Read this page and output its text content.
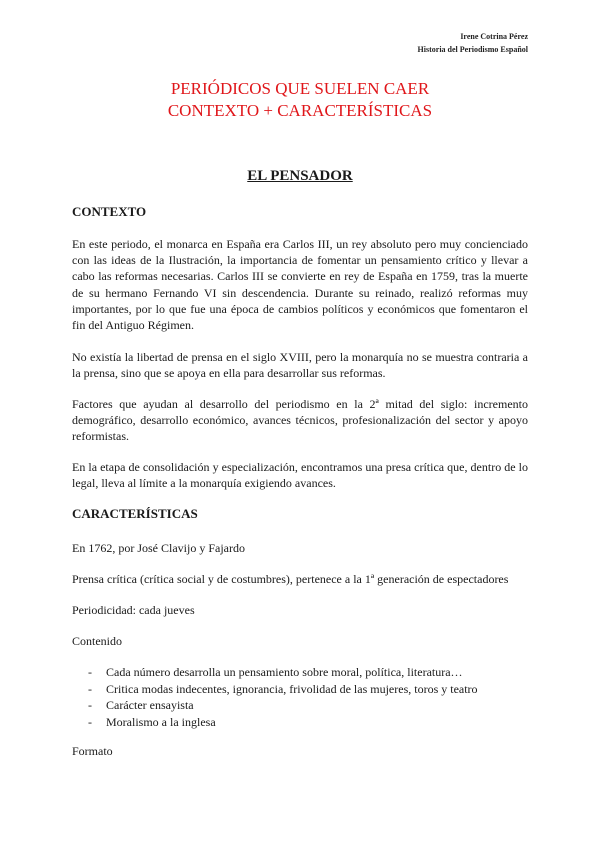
Irene Cotrina Pérez
Historia del Periodismo Español
PERIÓDICOS QUE SUELEN CAER
CONTEXTO + CARACTERÍSTICAS
EL PENSADOR
CONTEXTO
En este periodo, el monarca en España era Carlos III, un rey absoluto pero muy concienciado con las ideas de la Ilustración, la importancia de fomentar un pensamiento crítico y llevar a cabo las reformas necesarias. Carlos III se convierte en rey de España en 1759, tras la muerte de su hermano Fernando VI sin descendencia. Durante su reinado, realizó reformas muy importantes, por lo que fue una época de cambios políticos y económicos que fomentaron el fin del Antiguo Régimen.
No existía la libertad de prensa en el siglo XVIII, pero la monarquía no se muestra contraria a la prensa, sino que se apoya en ella para desarrollar sus reformas.
Factores que ayudan al desarrollo del periodismo en la 2ª mitad del siglo: incremento demográfico, desarrollo económico, avances técnicos, profesionalización del sector y apoyo reformistas.
En la etapa de consolidación y especialización, encontramos una presa crítica que, dentro de lo legal, lleva al límite a la monarquía exigiendo avances.
CARACTERÍSTICAS
En 1762, por José Clavijo y Fajardo
Prensa crítica (crítica social y de costumbres), pertenece a la 1ª generación de espectadores
Periodicidad: cada jueves
Contenido
- Cada número desarrolla un pensamiento sobre moral, política, literatura…
- Critica modas indecentes, ignorancia, frivolidad de las mujeres, toros y teatro
- Carácter ensayista
- Moralismo a la inglesa
Formato
